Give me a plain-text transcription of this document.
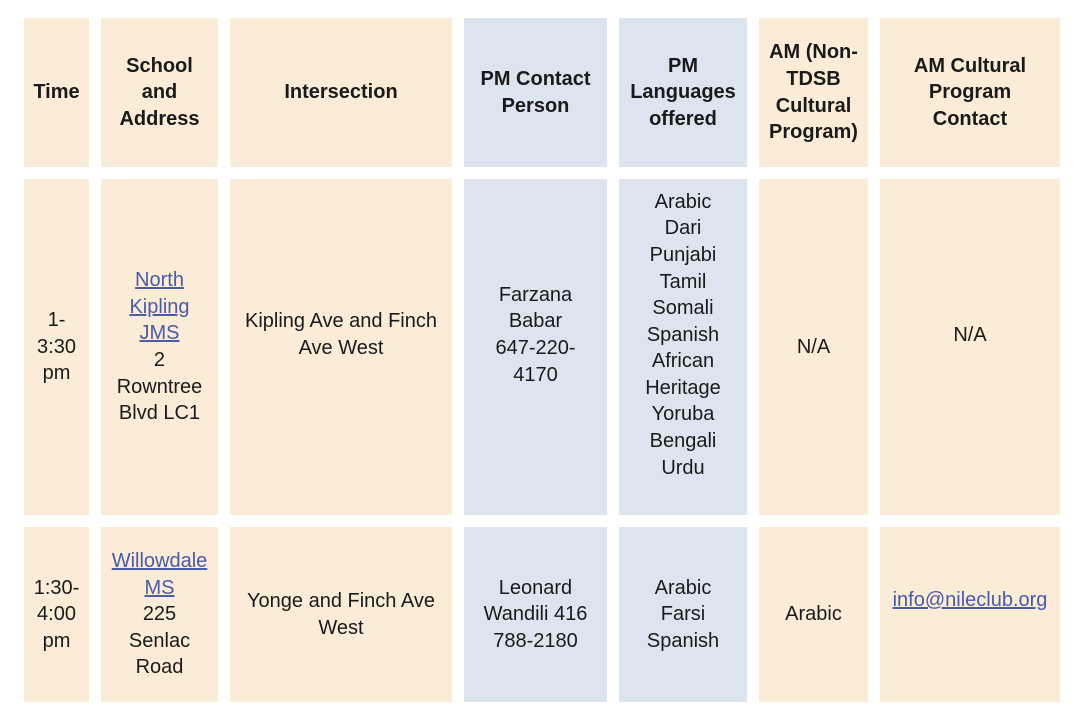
Time
School
and
Address
Intersection
PM Contact
Person
PM
Languages
offered
AM (Non-
TDSB
Cultural
Program)
AM Cultural
Program
Contact
1-
3:30
pm
North
Kipling
JMS
2
Rowntree
Blvd LC1
Kipling Ave and Finch
Ave West
Farzana
Babar
647-220-
4170
Arabic
Dari
Punjabi
Tamil
Somali
Spanish
African
Heritage
Yoruba
Bengali
Urdu
N/A
N/A
1:30-
4:00
pm
Willowdale
MS
225
Senlac
Road
Yonge and Finch Ave
West
Leonard
Wandili 416
788-2180
Arabic
Farsi
Spanish
Arabic
info@nileclub.org
